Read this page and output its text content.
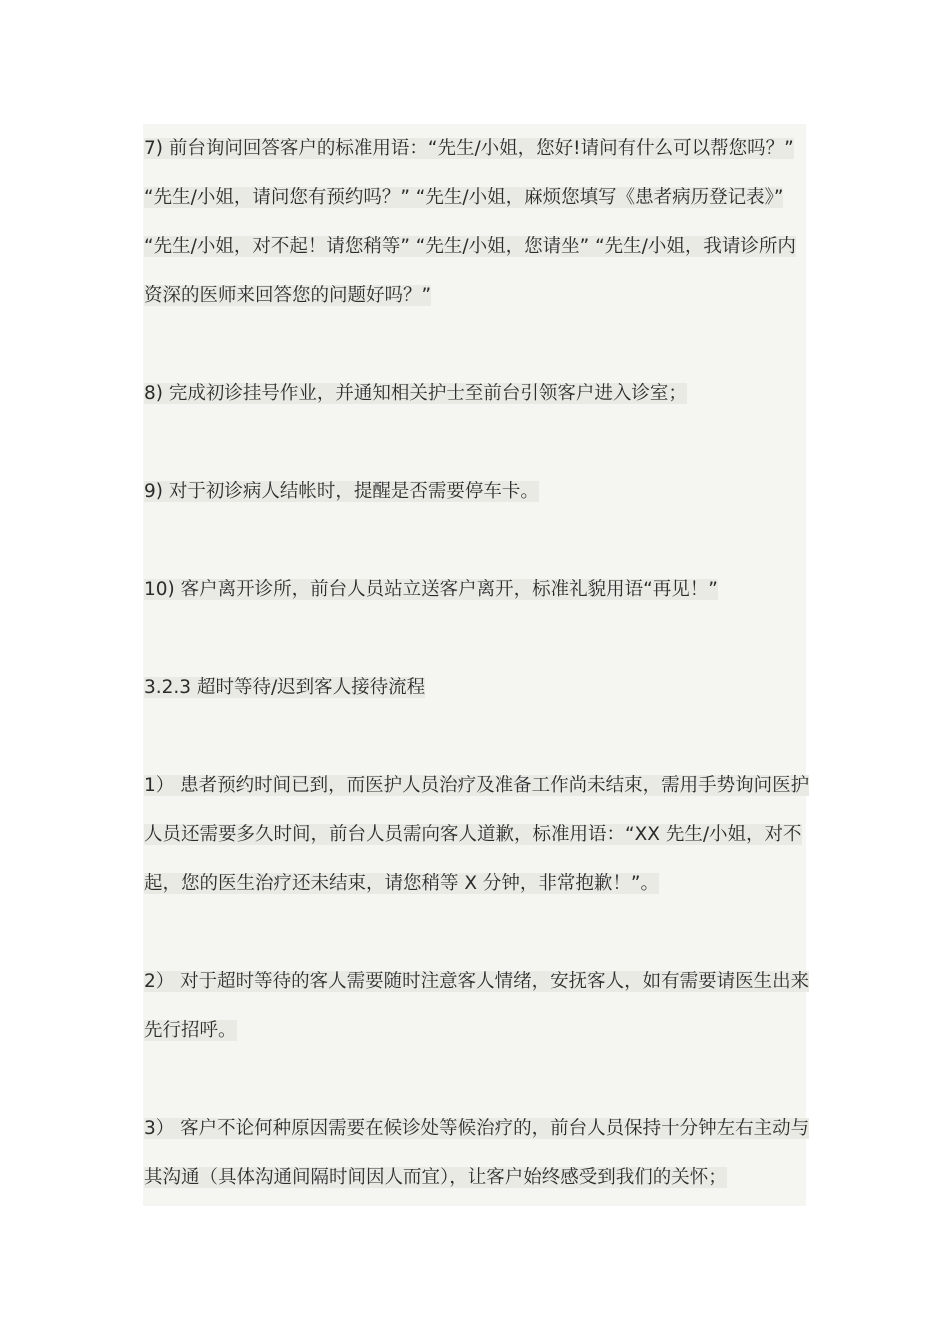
7) 前台询问回答客户的标准用语：“先生/小姐，您好!请问有什么可以帮您吗？” “先生/小姐，请问您有预约吗？” “先生/小姐，麻烦您填写《患者病历登记表》” “先生/小姐，对不起！请您稍等” “先生/小姐，您请坐” “先生/小姐，我请诊所内资深的医师来回答您的问题好吗？”

8) 完成初诊挂号作业，并通知相关护士至前台引领客户进入诊室；

9) 对于初诊病人结帐时，提醒是否需要停车卡。

10) 客户离开诊所，前台人员站立送客户离开，标准礼貌用语“再见！”

3.2.3 超时等待/迟到客人接待流程

1） 患者预约时间已到，而医护人员治疗及准备工作尚未结束，需用手势询问医护人员还需要多久时间，前台人员需向客人道歉，标准用语：“XX 先生/小姐，对不起，您的医生治疗还未结束，请您稍等 X 分钟，非常抱歉！”。

2） 对于超时等待的客人需要随时注意客人情绪，安抚客人，如有需要请医生出来先行招呼。

3） 客户不论何种原因需要在候诊处等候治疗的，前台人员保持十分钟左右主动与其沟通（具体沟通间隔时间因人而宜），让客户始终感受到我们的关怀；
